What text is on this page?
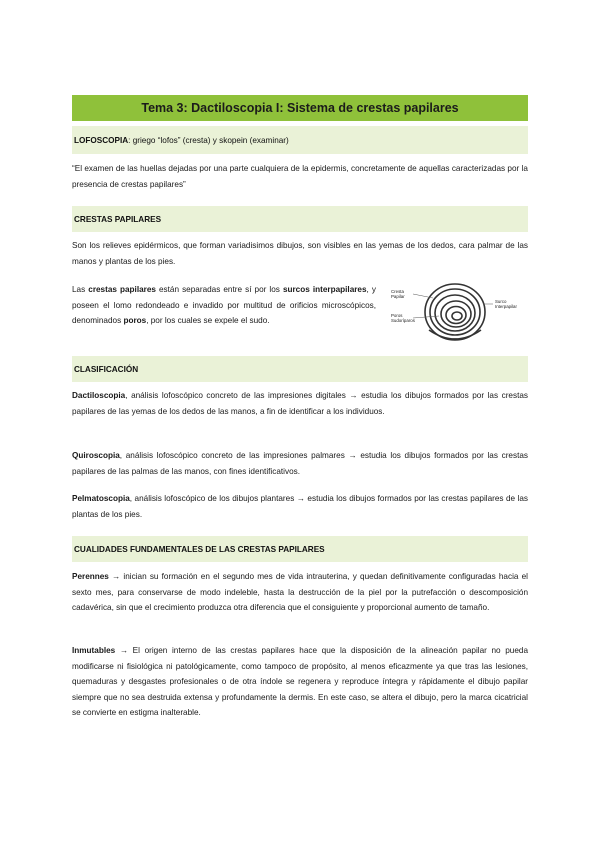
Tema 3: Dactiloscopia I: Sistema de crestas papilares
LOFOSCOPIA : griego “lofos” (cresta) y skopein (examinar)
“El examen de las huellas dejadas por una parte cualquiera de la epidermis, concretamente de aquellas caracterizadas por la presencia de crestas papilares”
CRESTAS PAPILARES
Son los relieves epidérmicos, que forman variadisimos dibujos, son visibles en las yemas de los dedos, cara palmar de las manos y plantas de los pies.
Las crestas papilares están separadas entre sí por los surcos interpapilares, y poseen el lomo redondeado e invadido por multitud de orificios microscópicos, denominados poros, por los cuales se expele el sudo.
Cresta
Papilar
Surco
Interpapilar
Poros
Sudoríparos
CLASIFICACIÓN
Dactiloscopia, análisis lofoscópico concreto de las impresiones digitales → estudia los dibujos formados por las crestas papilares de las yemas de los dedos de las manos, a fin de identificar a los individuos.
Quiroscopia, análisis lofoscópico concreto de las impresiones palmares → estudia los dibujos formados por las crestas papilares de las palmas de las manos, con fines identificativos.
Pelmatoscopia, análisis lofoscópico de los dibujos plantares → estudia los dibujos formados por las crestas papilares de las plantas de los pies.
CUALIDADES FUNDAMENTALES DE LAS CRESTAS PAPILARES
Perennes → inician su formación en el segundo mes de vida intrauterina, y quedan definitivamente configuradas hacia el sexto mes, para conservarse de modo indeleble, hasta la destrucción de la piel por la putrefacción o descomposición cadavérica, sin que el crecimiento produzca otra diferencia que el consiguiente y proporcional aumento de tamaño.
Inmutables → El origen interno de las crestas papilares hace que la disposición de la alineación papilar no pueda modificarse ni fisiológica ni patológicamente, como tampoco de propósito, al menos eficazmente ya que tras las lesiones, quemaduras y desgastes profesionales o de otra índole se regenera y reproduce íntegra y rápidamente el dibujo papilar siempre que no sea destruida extensa y profundamente la dermis. En este caso, se altera el dibujo, pero la marca cicatricial se convierte en estigma inalterable.
